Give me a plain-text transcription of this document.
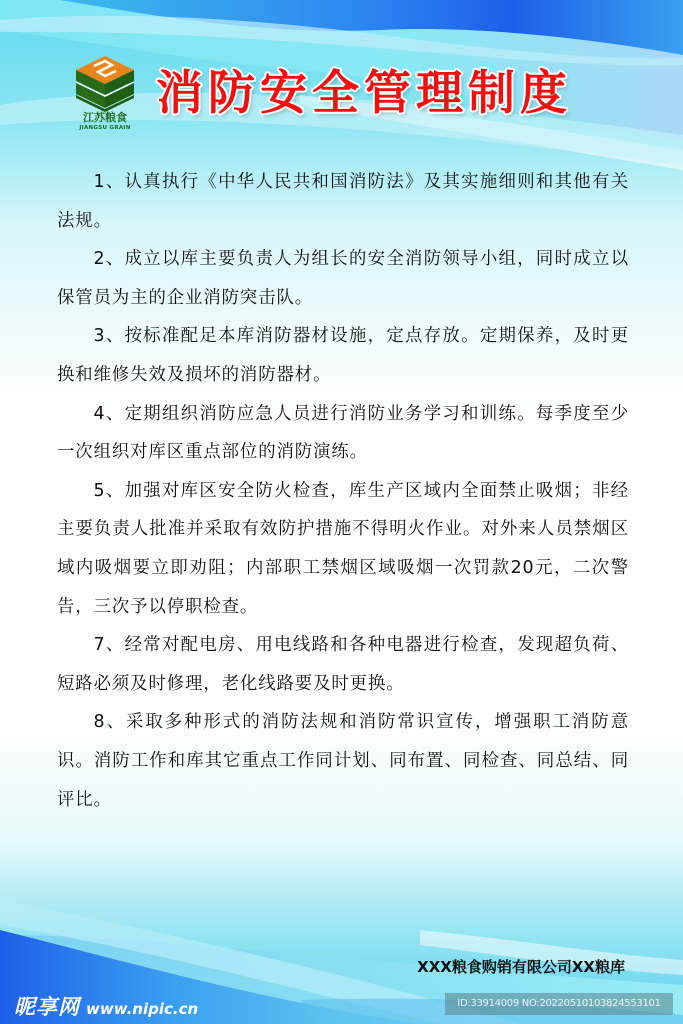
江苏粮食
JIANGSU GRAIN
消防安全管理制度

1、认真执行《中华人民共和国消防法》及其实施细则和其他有关法规。

2、成立以库主要负责人为组长的安全消防领导小组，同时成立以保管员为主的企业消防突击队。

3、按标准配足本库消防器材设施，定点存放。定期保养，及时更换和维修失效及损坏的消防器材。

4、定期组织消防应急人员进行消防业务学习和训练。每季度至少一次组织对库区重点部位的消防演练。

5、加强对库区安全防火检查，库生产区域内全面禁止吸烟；非经主要负责人批准并采取有效防护措施不得明火作业。对外来人员禁烟区域内吸烟要立即劝阻；内部职工禁烟区域吸烟一次罚款20元，二次警告，三次予以停职检查。

7、经常对配电房、用电线路和各种电器进行检查，发现超负荷、短路必须及时修理，老化线路要及时更换。

8、采取多种形式的消防法规和消防常识宣传，增强职工消防意识。消防工作和库其它重点工作同计划、同布置、同检查、同总结、同评比。

XXX粮食购销有限公司XX粮库
昵享网 www.nipic.cn	ID:33914009 NO:20220510103824553101
